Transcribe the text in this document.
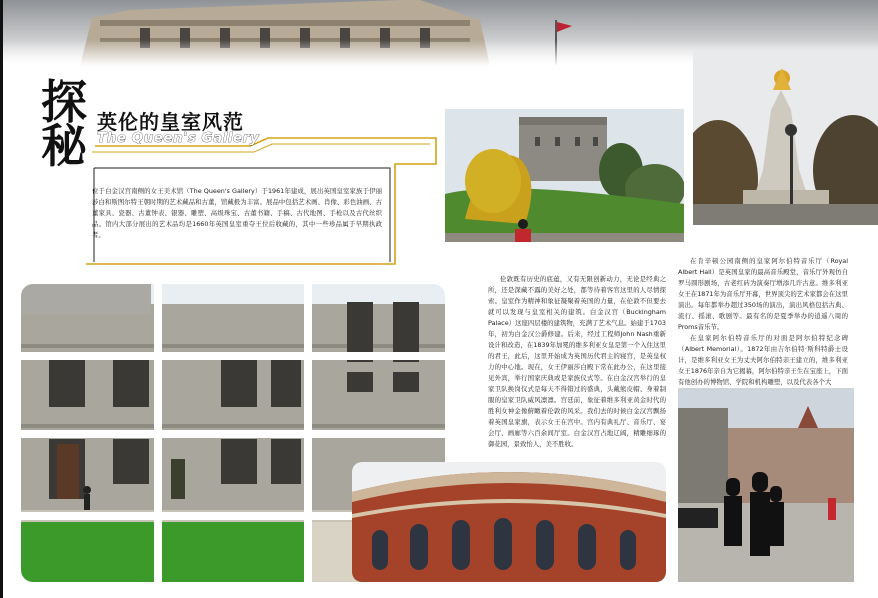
探秘 英伦的皇室风范
The Queen's Gallery
位于白金汉宫南侧的女王美术馆（The Queen's Gallery）于1961年建成，展出英国皇室家族于伊丽莎白和斯图尔特王朝时期的艺术藏品和古董，馆藏极为丰富。展品中包括艺术画、肖像、彩色油画、古董家具、瓷器、古董钟表、银器、雕塑、高级珠宝、古董书籍、手稿、古代地图、手枪以及古代丝织品。馆内大部分展出的艺术品均是1660年英国皇室重夺王位后收藏的，其中一些珍品属于早期执政者。
伦敦既有历史的底蕴，又有无限创新动力，无论是经典之所，还是深藏不露的美好之处，都等待着客官这里的人尽情探索。皇室作为精神和象征凝聚着英国的力量，在伦敦不但要去就可以发现与皇室相关的建筑。白金汉宫（Buckingham Palace）这座四层楼的建筑物，充满了艺术气息。始建于1703年，初为白金汉公爵修建。后来，经过工程师John Nash重新设计和改造，在1839年加冕的维多利亚女皇是第一个入住这里的君王，此后，这里开始成为英国历代君主的寝宫，是英皇权力的中心地。现在，女王伊丽莎白殿下常在此办公，在这里接见外宾，举行国家庆典或是家族仪式等。在白金汉宫举行的皇家卫队换岗仪式是每天不得错过的盛典，头戴熊皮帽、身着制服的皇家卫队威风凛凛。宫廷前，象征着维多利亚黄金时代的胜利女神金像俯瞰着伦敦的风采。我们去的时候白金汉宫飘扬着英国皇家旗，表示女王在宫中。宫内有典礼厅、音乐厅、宴会厅、画廊等六百余间厅室。白金汉宫占地辽阔，精雕细琢的御花园，景致怡人，美不胜收。

在肯辛顿公园南侧的皇家阿尔伯特音乐厅（Royal Albert Hall）是英国皇家的最高音乐殿堂，音乐厅外观仿自罗马圆形剧场，古老红砖为演奏厅增添几许古意。维多利亚女王在1871年为音乐厅开幕，世界顶尖的艺术家都会在这里演出。每年都举办超过350场的演出，演出风格包括古典、流行、摇滚、歌剧等。最有名的是夏季举办的逍遥八周的Proms音乐节。

在皇家阿尔伯特音乐厅的对面是阿尔伯特纪念碑（Albert Memorial）。1872年由吉尔伯特·斯科特爵士设计，是维多利亚女王为丈夫阿尔伯特亲王建立的，维多利亚女王1876年亲自为它揭幕，阿尔伯特亲王生在宝座上，下面有他创办的博物馆、学院和机构雕塑，以及代表各个大
